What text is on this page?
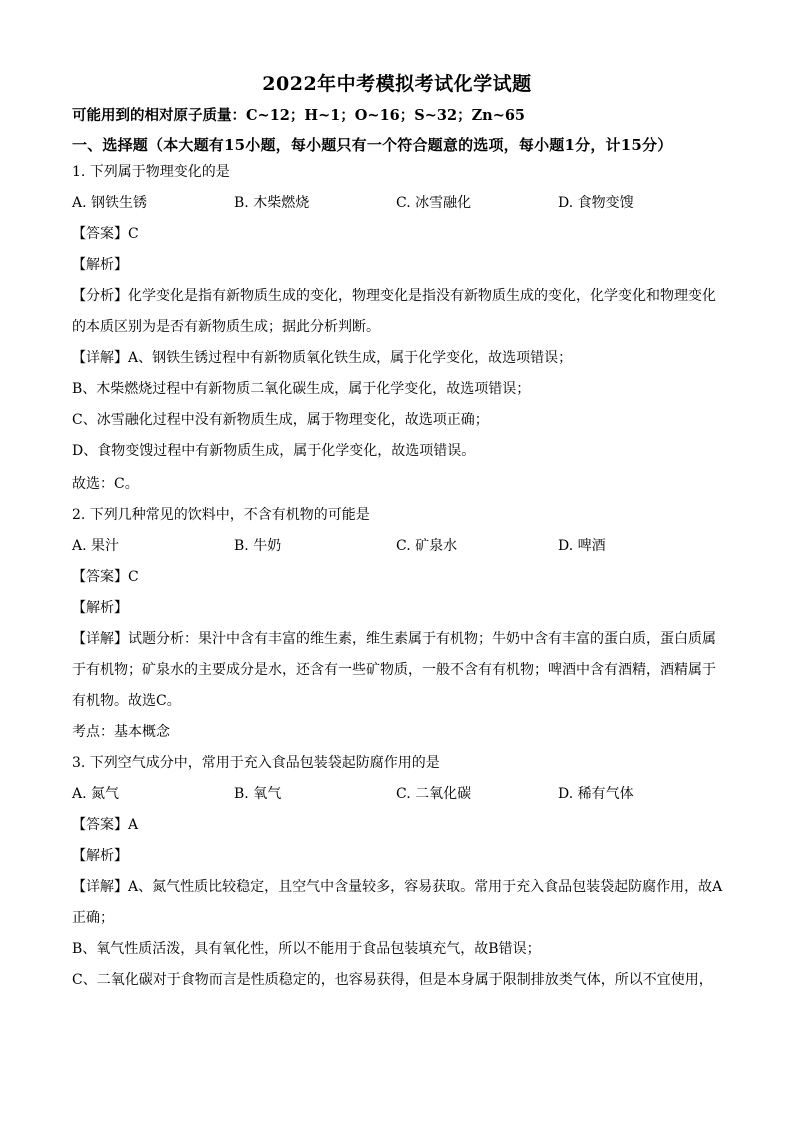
2022年中考模拟考试化学试题
可能用到的相对原子质量：C~12；H~1；O~16；S~32；Zn~65
一、选择题（本大题有15小题，每小题只有一个符合题意的选项，每小题1分，计15分）
1. 下列属于物理变化的是
A. 钢铁生锈	B. 木柴燃烧	C. 冰雪融化	D. 食物变馊
【答案】C
【解析】
【分析】化学变化是指有新物质生成的变化，物理变化是指没有新物质生成的变化，化学变化和物理变化
的本质区别为是否有新物质生成；据此分析判断。
【详解】A、钢铁生锈过程中有新物质氧化铁生成，属于化学变化，故选项错误；
B、木柴燃烧过程中有新物质二氧化碳生成，属于化学变化，故选项错误；
C、冰雪融化过程中没有新物质生成，属于物理变化，故选项正确；
D、食物变馊过程中有新物质生成，属于化学变化，故选项错误。
故选：C。
2. 下列几种常见的饮料中，不含有机物的可能是
A. 果汁	B. 牛奶	C. 矿泉水	D. 啤酒
【答案】C
【解析】
【详解】试题分析：果汁中含有丰富的维生素，维生素属于有机物；牛奶中含有丰富的蛋白质，蛋白质属
于有机物；矿泉水的主要成分是水，还含有一些矿物质，一般不含有有机物；啤酒中含有酒精，酒精属于
有机物。故选C。
考点：基本概念
3. 下列空气成分中，常用于充入食品包装袋起防腐作用的是
A. 氮气	B. 氧气	C. 二氧化碳	D. 稀有气体
【答案】A
【解析】
【详解】A、氮气性质比较稳定，且空气中含量较多，容易获取。常用于充入食品包装袋起防腐作用，故A
正确；
B、氧气性质活泼，具有氧化性，所以不能用于食品包装填充气，故B错误；
C、二氧化碳对于食物而言是性质稳定的，也容易获得，但是本身属于限制排放类气体，所以不宜使用，
